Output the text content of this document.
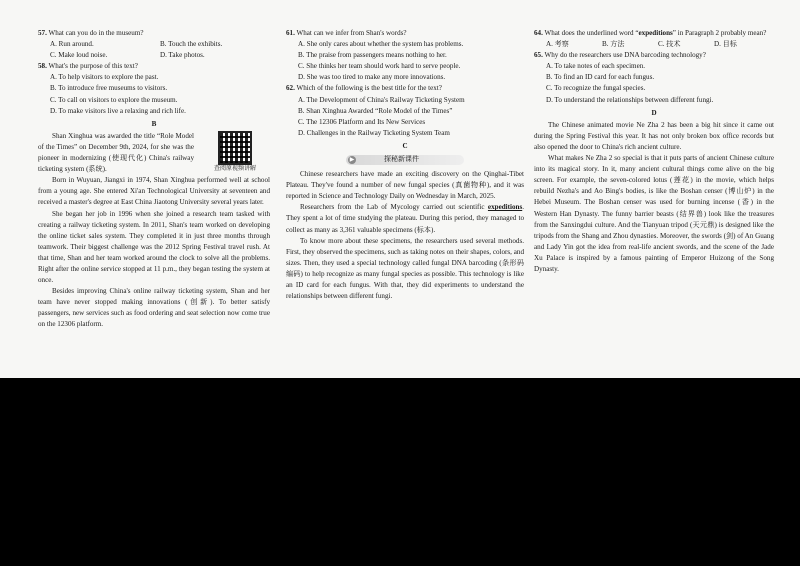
57. What can you do in the museum?

A. Run around.	B. Touch the exhibits.
C. Make loud noise.	D. Take photos.

58. What's the purpose of this text?

A. To help visitors to explore the past.

B. To introduce free museums to visitors.

C. To call on visitors to explore the museum.

D. To make visitors live a relaxing and rich life.

B
查阅原视频讲解

Shan Xinghua was awarded the title “Role Model of the Times” on December 9th, 2024, for she was the pioneer in modernizing (使现代化) China's railway ticketing system (系统).

Born in Wuyuan, Jiangxi in 1974, Shan Xinghua performed well at school from a young age. She entered Xi'an Technological University at seventeen and received a master's degree at East China Jiaotong University several years later.

She began her job in 1996 when she joined a research team tasked with creating a railway ticketing system. In 2011, Shan's team worked on developing the online ticket sales system. They completed it in just three months through teamwork. Their biggest challenge was the 2012 Spring Festival travel rush. At that time, Shan and her team worked around the clock to solve all the problems. Right after the online service stopped at 11 p.m., they began testing the system at once.

Besides improving China's online railway ticketing system, Shan and her team have never stopped making innovations (创新). To better satisfy passengers, new services such as food ordering and seat selection now come true on the 12306 platform.

61. What can we infer from Shan's words?

A. She only cares about whether the system has problems.

B. The praise from passengers means nothing to her.

C. She thinks her team should work hard to serve people.

D. She was too tired to make any more innovations.

62. Which of the following is the best title for the text?

A. The Development of China's Railway Ticketing System

B. Shan Xinghua Awarded “Role Model of the Times”

C. The 12306 Platform and Its New Services

D. Challenges in the Railway Ticketing System Team

C
▶	探秘新课件

Chinese researchers have made an exciting discovery on the Qinghai-Tibet Plateau. They've found a number of new fungal species (真菌物种), and it was reported in Science and Technology Daily on Wednesday in March, 2025.

Researchers from the Lab of Mycology carried out scientific expeditions. They spent a lot of time studying the plateau. During this period, they managed to collect as many as 3,361 valuable specimens (标本).

To know more about these specimens, the researchers used several methods. First, they observed the specimens, such as taking notes on their shapes, colors, and sizes. Then, they used a special technology called fungal DNA barcoding (条形码编码) to help recognize as many fungal species as possible. This technology is like an ID card for each fungus. With that, they did experiments to understand the relationships between different fungi.

64. What does the underlined word “expeditions” in Paragraph 2 probably mean?

A. 考察	B. 方法	C. 技术	D. 目标

65. Why do the researchers use DNA barcoding technology?

A. To take notes of each specimen.

B. To find an ID card for each fungus.

C. To recognize the fungal species.

D. To understand the relationships between different fungi.

D

The Chinese animated movie Ne Zha 2 has been a big hit since it came out during the Spring Festival this year. It has not only broken box office records but also opened the door to China's rich ancient culture.

What makes Ne Zha 2 so special is that it puts parts of ancient Chinese culture into its magical story. In it, many ancient cultural things come alive on the big screen. For example, the seven-colored lotus (莲花) in the movie, which helps rebuild Nezha's and Ao Bing's bodies, is like the Boshan censer (博山炉) in the Hebei Museum. The Boshan censer was used for burning incense (香) in the Western Han Dynasty. The funny barrier beasts (结界兽) look like the treasures from the Sanxingdui culture. And the Tianyuan tripod (天元鼎) is designed like the tripods from the Shang and Zhou dynasties. Moreover, the swords (剑) of An Guang and Lady Yin got the idea from real-life ancient swords, and the scene of the Jade Xu Palace is inspired by a famous painting of Emperor Huizong of the Song Dynasty.
